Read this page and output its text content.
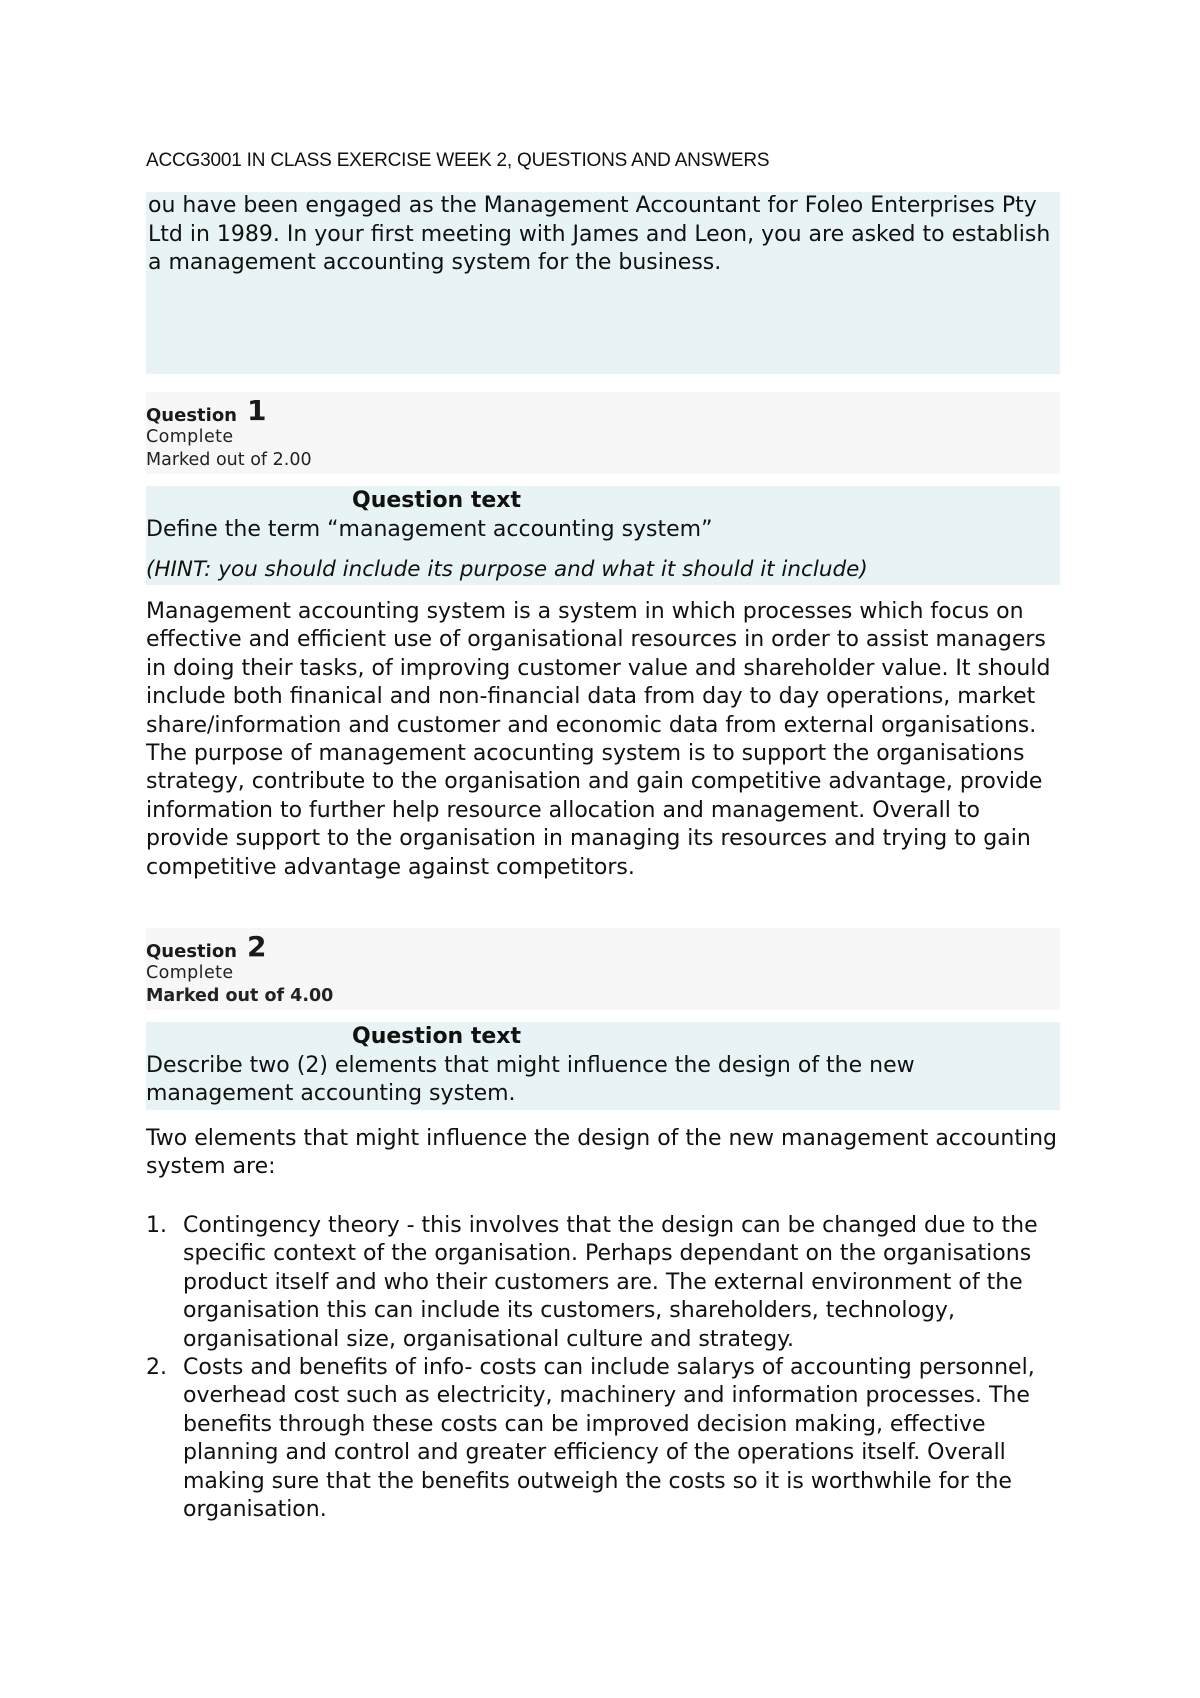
ACCG3001 IN CLASS EXERCISE WEEK 2, QUESTIONS AND ANSWERS

ou have been engaged as the Management Accountant for Foleo Enterprises Pty Ltd in 1989. In your first meeting with James and Leon, you are asked to establish a management accounting system for the business.

Question 1
Complete
Marked out of 2.00
Question text
Define the term “management accounting system”
(HINT: you should include its purpose and what it should it include)

Management accounting system is a system in which processes which focus on effective and efficient use of organisational resources in order to assist managers in doing their tasks, of improving customer value and shareholder value. It should include both finanical and non-financial data from day to day operations, market share/information and customer and economic data from external organisations. The purpose of management acocunting system is to support the organisations strategy, contribute to the organisation and gain competitive advantage, provide information to further help resource allocation and management. Overall to provide support to the organisation in managing its resources and trying to gain competitive advantage against competitors.

Question 2
Complete
Marked out of 4.00
Question text
Describe two (2) elements that might influence the design of the new management accounting system.

Two elements that might influence the design of the new management accounting system are:

1. Contingency theory - this involves that the design can be changed due to the specific context of the organisation. Perhaps dependant on the organisations product itself and who their customers are. The external environment of the organisation this can include its customers, shareholders, technology, organisational size, organisational culture and strategy.
2. Costs and benefits of info- costs can include salarys of accounting personnel, overhead cost such as electricity, machinery and information processes. The benefits through these costs can be improved decision making, effective planning and control and greater efficiency of the operations itself. Overall making sure that the benefits outweigh the costs so it is worthwhile for the organisation.
